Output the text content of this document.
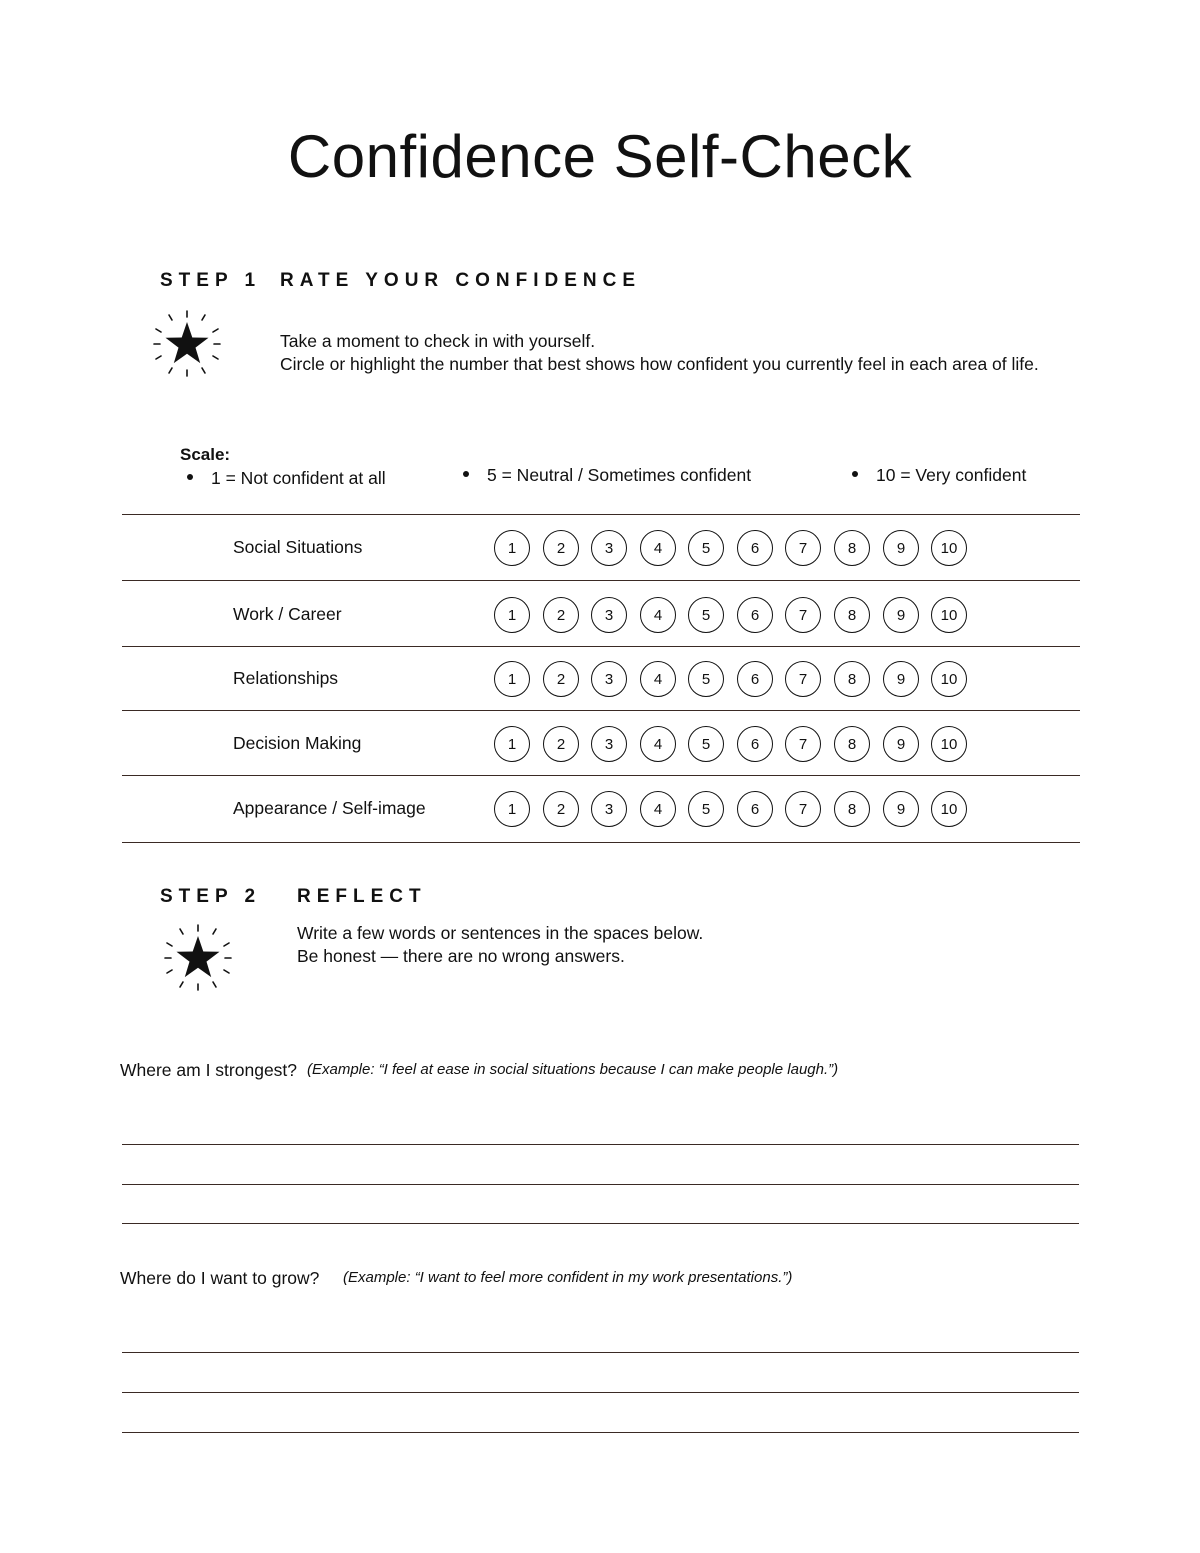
Confidence Self-Check
STEP 1 RATE YOUR CONFIDENCE
Take a moment to check in with yourself.
Circle or highlight the number that best shows how confident you currently feel in each area of life.
Scale:
1 = Not confident at all	5 = Neutral / Sometimes confident	10 = Very confident
Social Situations	1	2	3	4	5	6	7	8	9	10
Work / Career	1	2	3	4	5	6	7	8	9	10
Relationships	1	2	3	4	5	6	7	8	9	10
Decision Making	1	2	3	4	5	6	7	8	9	10
Appearance / Self-image	1	2	3	4	5	6	7	8	9	10
STEP 2 REFLECT
Write a few words or sentences in the spaces below.
Be honest — there are no wrong answers.
Where am I strongest? (Example: “I feel at ease in social situations because I can make people laugh.”)
Where do I want to grow? (Example: “I want to feel more confident in my work presentations.”)
